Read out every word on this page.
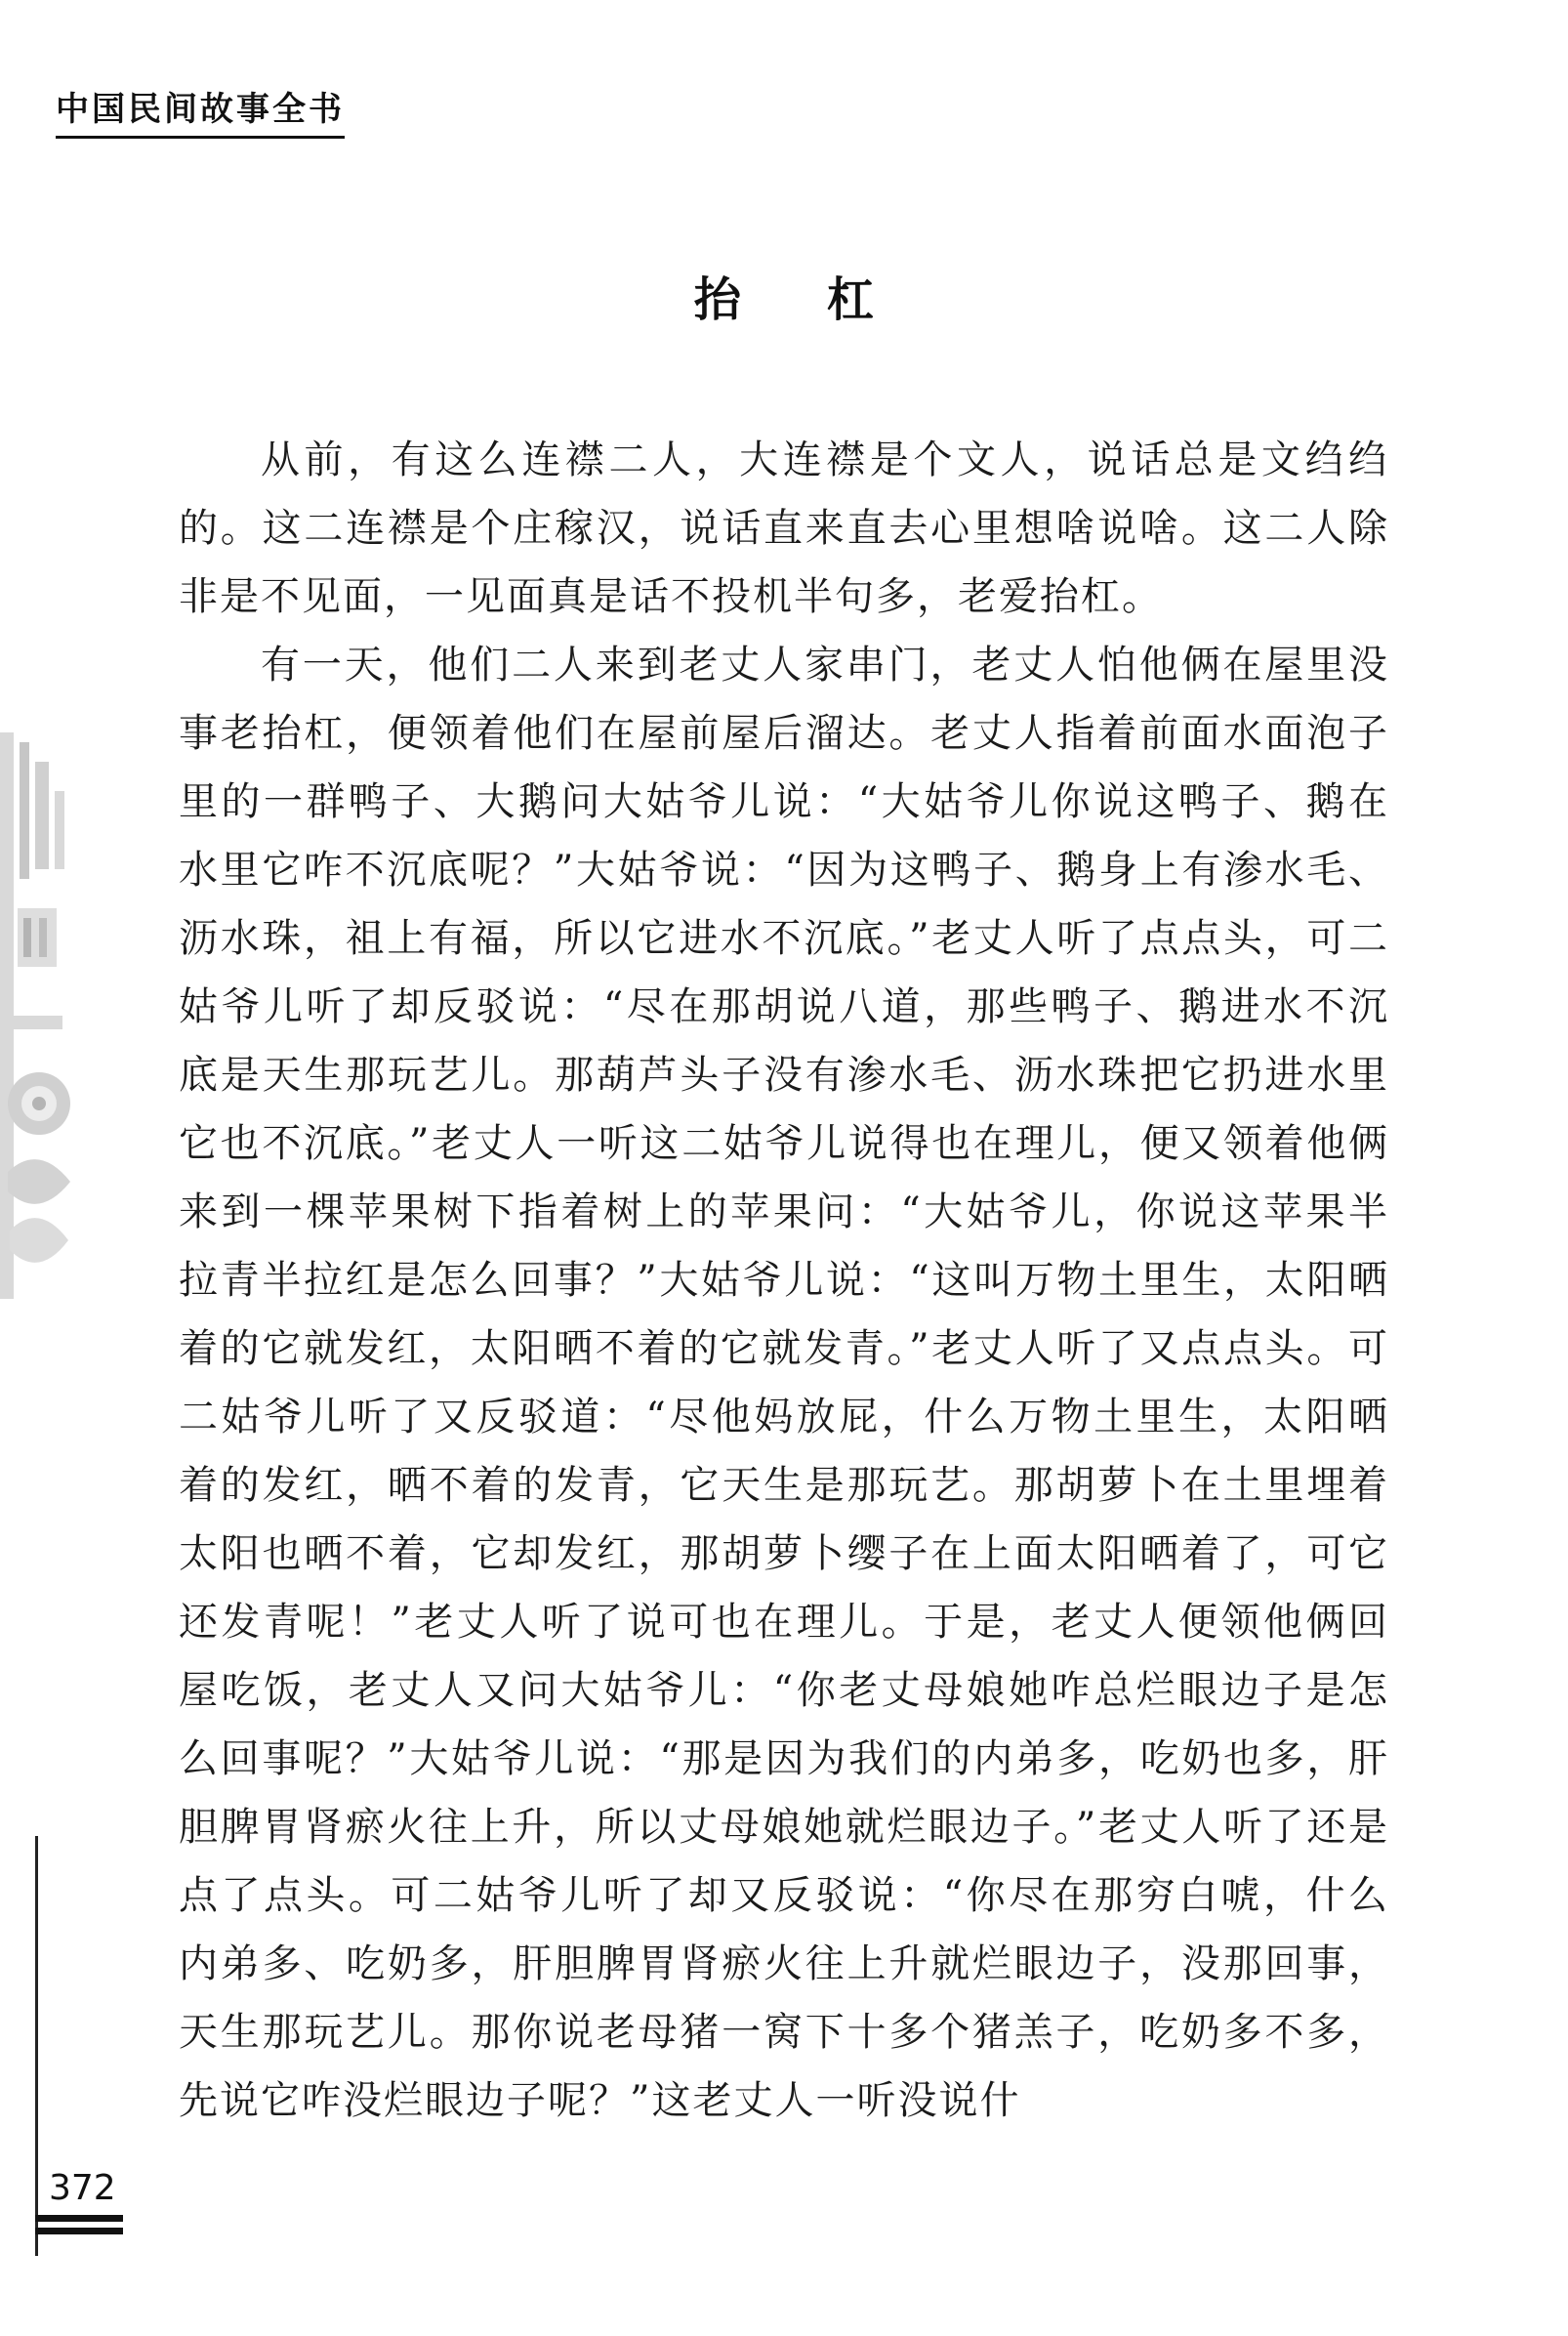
中国民间故事全书
抬杠

从前，有这么连襟二人，大连襟是个文人，说话总是文绉绉的。这二连襟是个庄稼汉，说话直来直去心里想啥说啥。这二人除非是不见面，一见面真是话不投机半句多，老爱抬杠。

有一天，他们二人来到老丈人家串门，老丈人怕他俩在屋里没事老抬杠，便领着他们在屋前屋后溜达。老丈人指着前面水面泡子里的一群鸭子、大鹅问大姑爷儿说：“大姑爷儿你说这鸭子、鹅在水里它咋不沉底呢？”大姑爷说：“因为这鸭子、鹅身上有渗水毛、沥水珠，祖上有福，所以它进水不沉底。”老丈人听了点点头，可二姑爷儿听了却反驳说：“尽在那胡说八道，那些鸭子、鹅进水不沉底是天生那玩艺儿。那葫芦头子没有渗水毛、沥水珠把它扔进水里它也不沉底。”老丈人一听这二姑爷儿说得也在理儿，便又领着他俩来到一棵苹果树下指着树上的苹果问：“大姑爷儿，你说这苹果半拉青半拉红是怎么回事？”大姑爷儿说：“这叫万物土里生，太阳晒着的它就发红，太阳晒不着的它就发青。”老丈人听了又点点头。可二姑爷儿听了又反驳道：“尽他妈放屁，什么万物土里生，太阳晒着的发红，晒不着的发青，它天生是那玩艺。那胡萝卜在土里埋着太阳也晒不着，它却发红，那胡萝卜缨子在上面太阳晒着了，可它还发青呢！”老丈人听了说可也在理儿。于是，老丈人便领他俩回屋吃饭，老丈人又问大姑爷儿：“你老丈母娘她咋总烂眼边子是怎么回事呢？”大姑爷儿说：“那是因为我们的内弟多，吃奶也多，肝胆脾胃肾瘀火往上升，所以丈母娘她就烂眼边子。”老丈人听了还是点了点头。可二姑爷儿听了却又反驳说：“你尽在那穷白唬，什么内弟多、吃奶多，肝胆脾胃肾瘀火往上升就烂眼边子，没那回事，天生那玩艺儿。那你说老母猪一窝下十多个猪羔子，吃奶多不多，先说它咋没烂眼边子呢？”这老丈人一听没说什

372
